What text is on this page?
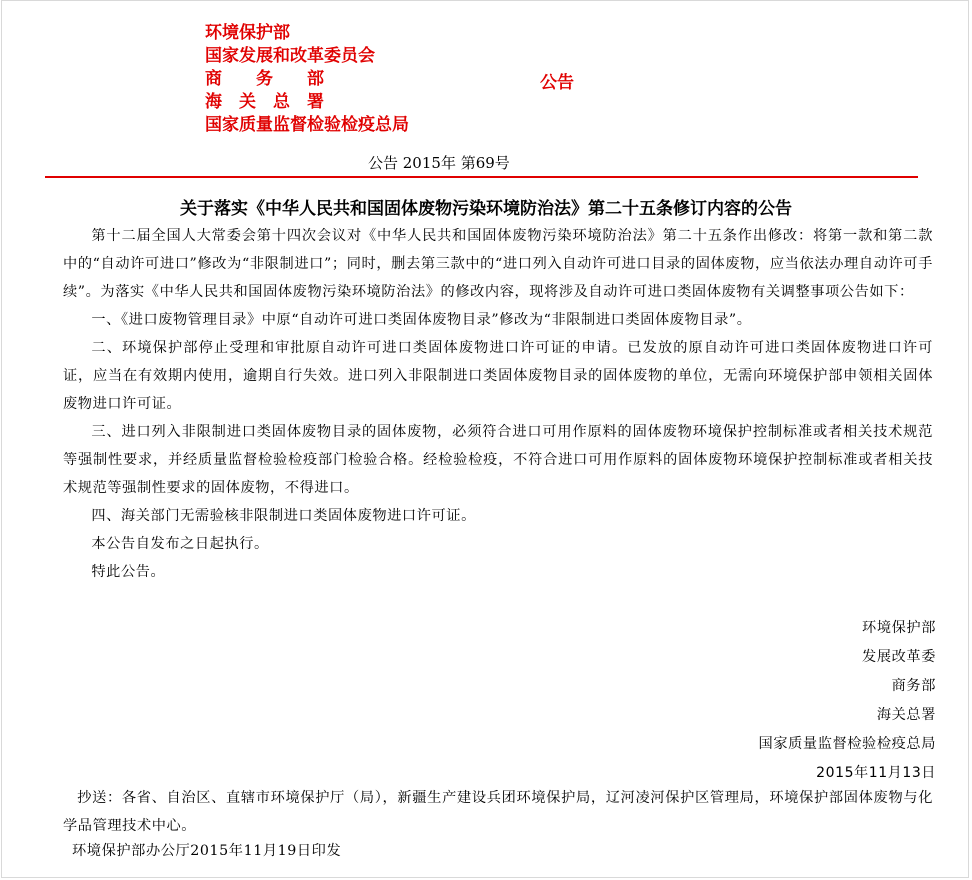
环境保护部
国家发展和改革委员会
商　　务　　部
海　关　总　署
国家质量监督检验检疫总局
公告
公告 2015年 第69号
关于落实《中华人民共和国固体废物污染环境防治法》第二十五条修订内容的公告

第十二届全国人大常委会第十四次会议对《中华人民共和国固体废物污染环境防治法》第二十五条作出修改：将第一款和第二款中的“自动许可进口”修改为“非限制进口”；同时，删去第三款中的“进口列入自动许可进口目录的固体废物，应当依法办理自动许可手续”。为落实《中华人民共和国固体废物污染环境防治法》的修改内容，现将涉及自动许可进口类固体废物有关调整事项公告如下：

一、《进口废物管理目录》中原“自动许可进口类固体废物目录”修改为“非限制进口类固体废物目录”。

二、环境保护部停止受理和审批原自动许可进口类固体废物进口许可证的申请。已发放的原自动许可进口类固体废物进口许可证，应当在有效期内使用，逾期自行失效。进口列入非限制进口类固体废物目录的固体废物的单位，无需向环境保护部申领相关固体废物进口许可证。

三、进口列入非限制进口类固体废物目录的固体废物，必须符合进口可用作原料的固体废物环境保护控制标准或者相关技术规范等强制性要求，并经质量监督检验检疫部门检验合格。经检验检疫，不符合进口可用作原料的固体废物环境保护控制标准或者相关技术规范等强制性要求的固体废物，不得进口。

四、海关部门无需验核非限制进口类固体废物进口许可证。

本公告自发布之日起执行。

特此公告。

环境保护部
发展改革委
商务部
海关总署
国家质量监督检验检疫总局
2015年11月13日

抄送：各省、自治区、直辖市环境保护厅（局），新疆生产建设兵团环境保护局，辽河凌河保护区管理局，环境保护部固体废物与化学品管理技术中心。

环境保护部办公厅2015年11月19日印发
